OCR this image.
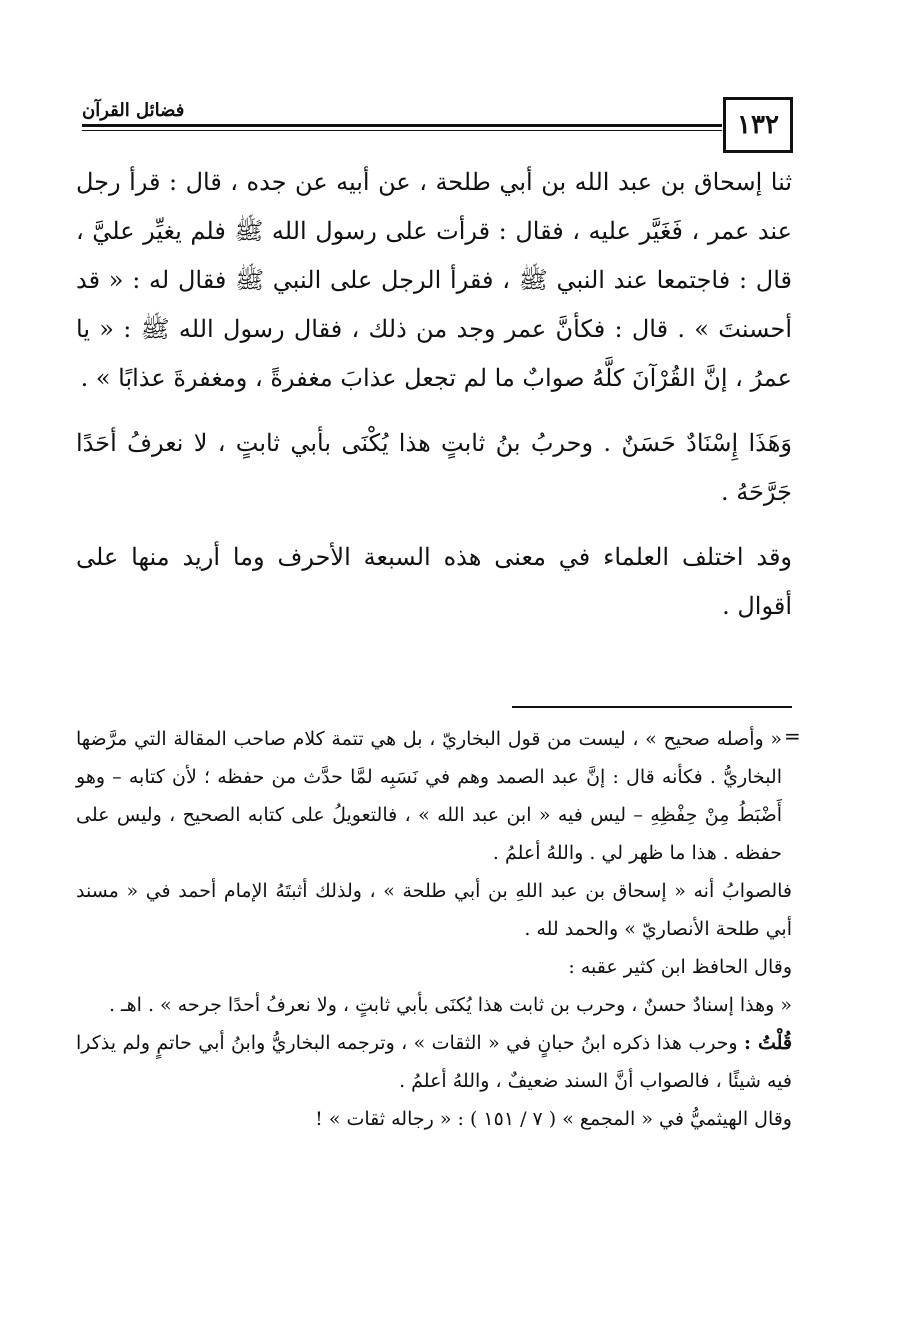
١٣٢
فضائل القرآن

ثنا إسحاق بن عبد الله بن أبي طلحة ، عن أبيه عن جده ، قال : قرأ رجل عند عمر ، فَغَيَّر عليه ، فقال : قرأت على رسول الله ﷺ فلم يغيِّر عليَّ ، قال : فاجتمعا عند النبي ﷺ ، فقرأ الرجل على النبي ﷺ فقال له : « قد أحسنتَ » . قال : فكأنَّ عمر وجد من ذلك ، فقال رسول الله ﷺ : « يا عمرُ ، إنَّ القُرْآنَ كلَّهُ صوابٌ ما لم تجعل عذابَ مغفرةً ، ومغفرةَ عذابًا » .

وَهَذَا إِسْنَادٌ حَسَنٌ . وحربُ بنُ ثابتٍ هذا يُكْنَى بأبي ثابتٍ ، لا نعرفُ أحَدًا جَرَّحَهُ .

وقد اختلف العلماء في معنى هذه السبعة الأحرف وما أريد منها على أقوال .

=

« وأصله صحيح » ، ليست من قول البخاريّ ، بل هي تتمة كلام صاحب المقالة التي مرَّضها البخاريُّ . فكأنه قال : إنَّ عبد الصمد وهم في نَسَبِه لمَّا حدَّث من حفظه ؛ لأن كتابه – وهو أَضْبَطُ مِنْ حِفْظِهِ – ليس فيه « ابن عبد الله » ، فالتعويلُ على كتابه الصحيح ، وليس على حفظه . هذا ما ظهر لي . واللهُ أعلمُ .

فالصوابُ أنه « إسحاق بن عبد اللهِ بن أبي طلحة » ، ولذلك أثبتَهُ الإمام أحمد في « مسند أبي طلحة الأنصاريّ » والحمد لله .

وقال الحافظ ابن كثير عقبه :

« وهذا إسنادٌ حسنٌ ، وحرب بن ثابت هذا يُكنَى بأبي ثابتٍ ، ولا نعرفُ أحدًا جرحه » . اهـ .

قُلْتُ : وحرب هذا ذكره ابنُ حبانٍ في « الثقات » ، وترجمه البخاريُّ وابنُ أبي حاتمٍ ولم يذكرا فيه شيئًا ، فالصواب أنَّ السند ضعيفٌ ، واللهُ أعلمُ .

وقال الهيثميُّ في « المجمع » ( ٧ / ١٥١ ) : « رجاله ثقات » !
